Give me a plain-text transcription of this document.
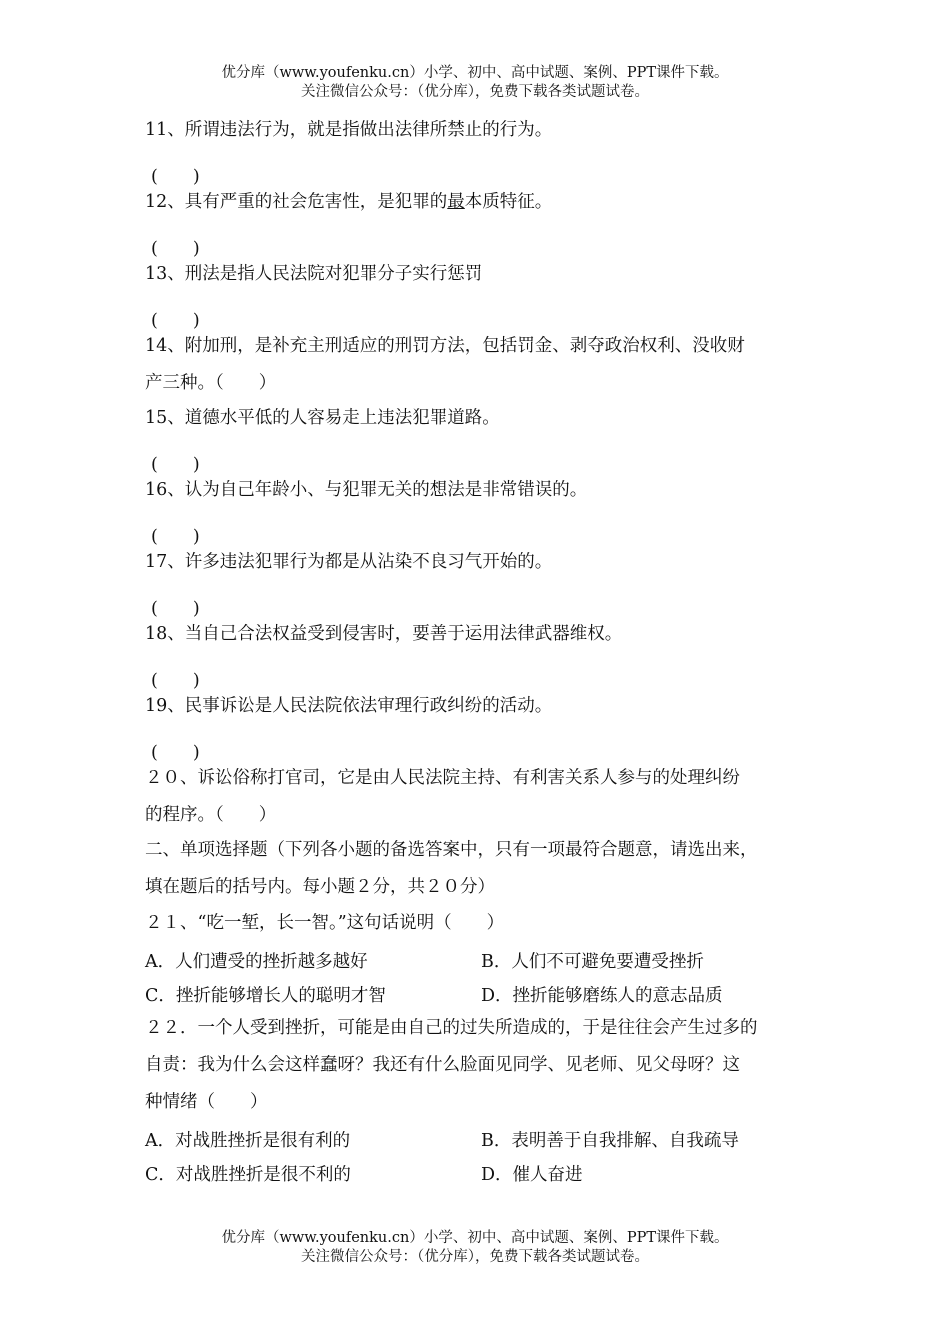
优分库（www.youfenku.cn）小学、初中、高中试题、案例、PPT课件下载。
关注微信公众号：（优分库），免费下载各类试题试卷。
11、所谓违法行为，就是指做出法律所禁止的行为。
(　　)
12、具有严重的社会危害性，是犯罪的最本质特征。
(　　)
13、刑法是指人民法院对犯罪分子实行惩罚
(　　)
14、附加刑，是补充主刑适应的刑罚方法，包括罚金、剥夺政治权利、没收财
产三种。（　　）
15、道德水平低的人容易走上违法犯罪道路。
(　　)
16、认为自己年龄小、与犯罪无关的想法是非常错误的。
(　　)
17、许多违法犯罪行为都是从沾染不良习气开始的。
(　　)
18、当自己合法权益受到侵害时，要善于运用法律武器维权。
(　　)
19、民事诉讼是人民法院依法审理行政纠纷的活动。
(　　)
２０、诉讼俗称打官司，它是由人民法院主持、有利害关系人参与的处理纠纷
的程序。（　　）
二、单项选择题（下列各小题的备选答案中，只有一项最符合题意，请选出来，
填在题后的括号内。每小题２分，共２０分）
２１、“吃一堑，长一智。”这句话说明（　　）
A．人们遭受的挫折越多越好	B．人们不可避免要遭受挫折
C．挫折能够增长人的聪明才智	D．挫折能够磨练人的意志品质
２２．一个人受到挫折，可能是由自己的过失所造成的，于是往往会产生过多的
自责：我为什么会这样蠢呀？我还有什么脸面见同学、见老师、见父母呀？这
种情绪（　　）
A．对战胜挫折是很有利的	B．表明善于自我排解、自我疏导
C．对战胜挫折是很不利的	D．催人奋进
优分库（www.youfenku.cn）小学、初中、高中试题、案例、PPT课件下载。
关注微信公众号：（优分库），免费下载各类试题试卷。
